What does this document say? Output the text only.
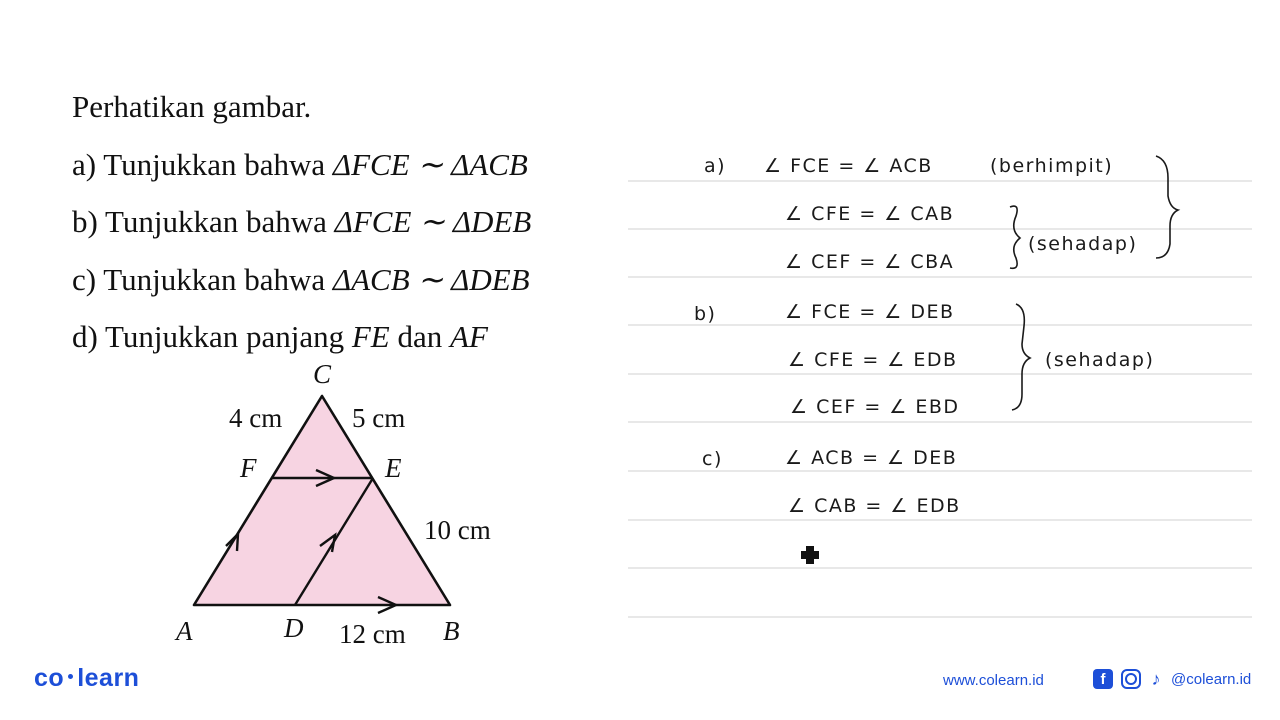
Perhatikan gambar.
a) Tunjukkan bahwa ΔFCE ∼ ΔACB
b) Tunjukkan bahwa ΔFCE ∼ ΔDEB
c) Tunjukkan bahwa ΔACB ∼ ΔDEB
d) Tunjukkan panjang FE dan AF
C
F	E
A	D	B
4 cm	5 cm
10 cm
12 cm
a) ∠ FCE = ∠ ACB	(berhimpit)
∠ CFE = ∠ CAB
∠ CEF = ∠ CBA
(sehadap)
b)	∠ FCE = ∠ DEB
∠ CFE = ∠ EDB
∠ CEF = ∠ EBD
(sehadap)
c)	∠ ACB = ∠ DEB
∠ CAB = ∠ EDB
co learn	www.colearn.id	f	♪ @colearn.id
